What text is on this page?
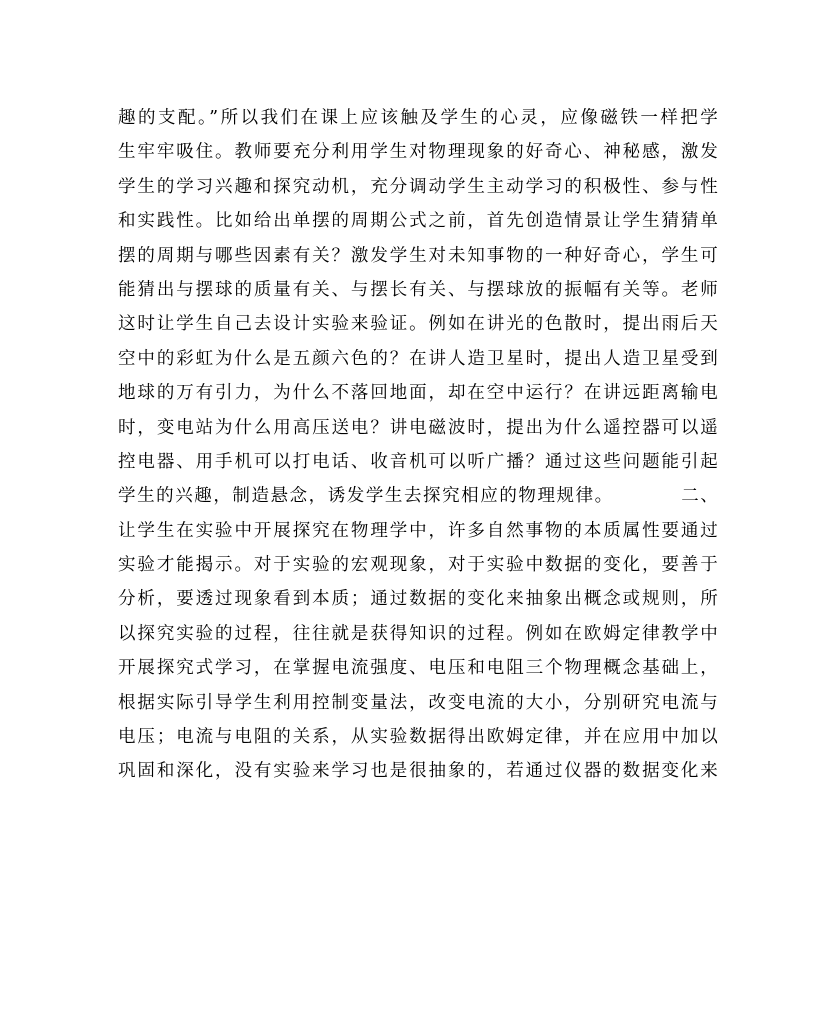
趣的支配。”所以我们在课上应该触及学生的心灵，应像磁铁一样把学
生牢牢吸住。教师要充分利用学生对物理现象的好奇心、神秘感，激发
学生的学习兴趣和探究动机，充分调动学生主动学习的积极性、参与性
和实践性。比如给出单摆的周期公式之前，首先创造情景让学生猜猜单
摆的周期与哪些因素有关？激发学生对未知事物的一种好奇心，学生可
能猜出与摆球的质量有关、与摆长有关、与摆球放的振幅有关等。老师
这时让学生自己去设计实验来验证。例如在讲光的色散时，提出雨后天
空中的彩虹为什么是五颜六色的？在讲人造卫星时，提出人造卫星受到
地球的万有引力，为什么不落回地面，却在空中运行？在讲远距离输电
时，变电站为什么用高压送电？讲电磁波时，提出为什么遥控器可以遥
控电器、用手机可以打电话、收音机可以听广播？通过这些问题能引起
学生的兴趣，制造悬念，诱发学生去探究相应的物理规律。　　　　二、
让学生在实验中开展探究在物理学中，许多自然事物的本质属性要通过
实验才能揭示。对于实验的宏观现象，对于实验中数据的变化，要善于
分析，要透过现象看到本质；通过数据的变化来抽象出概念或规则，所
以探究实验的过程，往往就是获得知识的过程。例如在欧姆定律教学中
开展探究式学习，在掌握电流强度、电压和电阻三个物理概念基础上，
根据实际引导学生利用控制变量法，改变电流的大小，分别研究电流与
电压；电流与电阻的关系，从实验数据得出欧姆定律，并在应用中加以
巩固和深化，没有实验来学习也是很抽象的，若通过仪器的数据变化来
